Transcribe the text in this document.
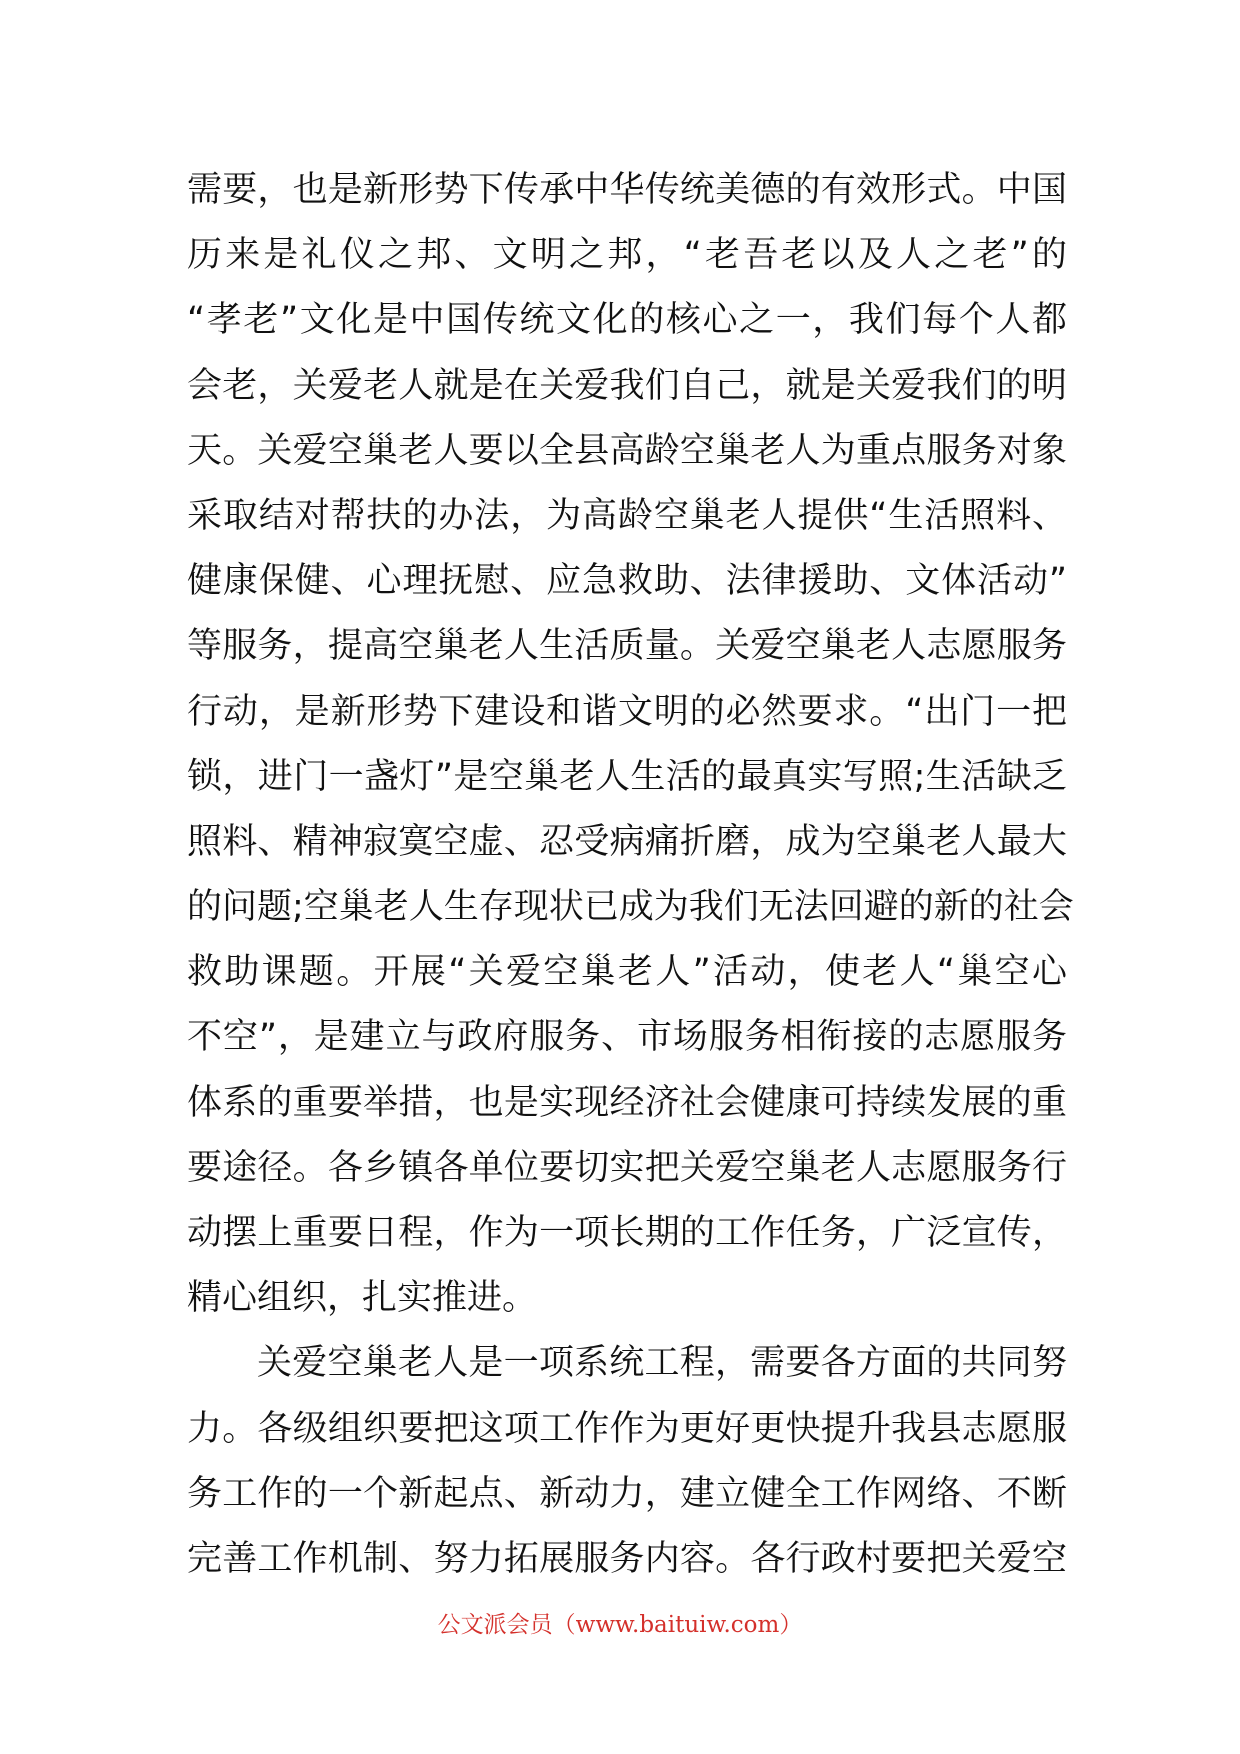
需要，也是新形势下传承中华传统美德的有效形式。中国
历来是礼仪之邦、文明之邦，“老吾老以及人之老”的
“孝老”文化是中国传统文化的核心之一，我们每个人都
会老，关爱老人就是在关爱我们自己，就是关爱我们的明
天。关爱空巢老人要以全县高龄空巢老人为重点服务对象
采取结对帮扶的办法，为高龄空巢老人提供“生活照料、
健康保健、心理抚慰、应急救助、法律援助、文体活动”
等服务，提高空巢老人生活质量。关爱空巢老人志愿服务
行动，是新形势下建设和谐文明的必然要求。“出门一把
锁，进门一盏灯”是空巢老人生活的最真实写照;生活缺乏
照料、精神寂寞空虚、忍受病痛折磨，成为空巢老人最大
的问题;空巢老人生存现状已成为我们无法回避的新的社会
救助课题。开展“关爱空巢老人”活动，使老人“巢空心
不空”，是建立与政府服务、市场服务相衔接的志愿服务
体系的重要举措，也是实现经济社会健康可持续发展的重
要途径。各乡镇各单位要切实把关爱空巢老人志愿服务行
动摆上重要日程，作为一项长期的工作任务，广泛宣传，
精心组织，扎实推进。
关爱空巢老人是一项系统工程，需要各方面的共同努
力。各级组织要把这项工作作为更好更快提升我县志愿服
务工作的一个新起点、新动力，建立健全工作网络、不断
完善工作机制、努力拓展服务内容。各行政村要把关爱空
公文派会员（www.baituiw.com）
